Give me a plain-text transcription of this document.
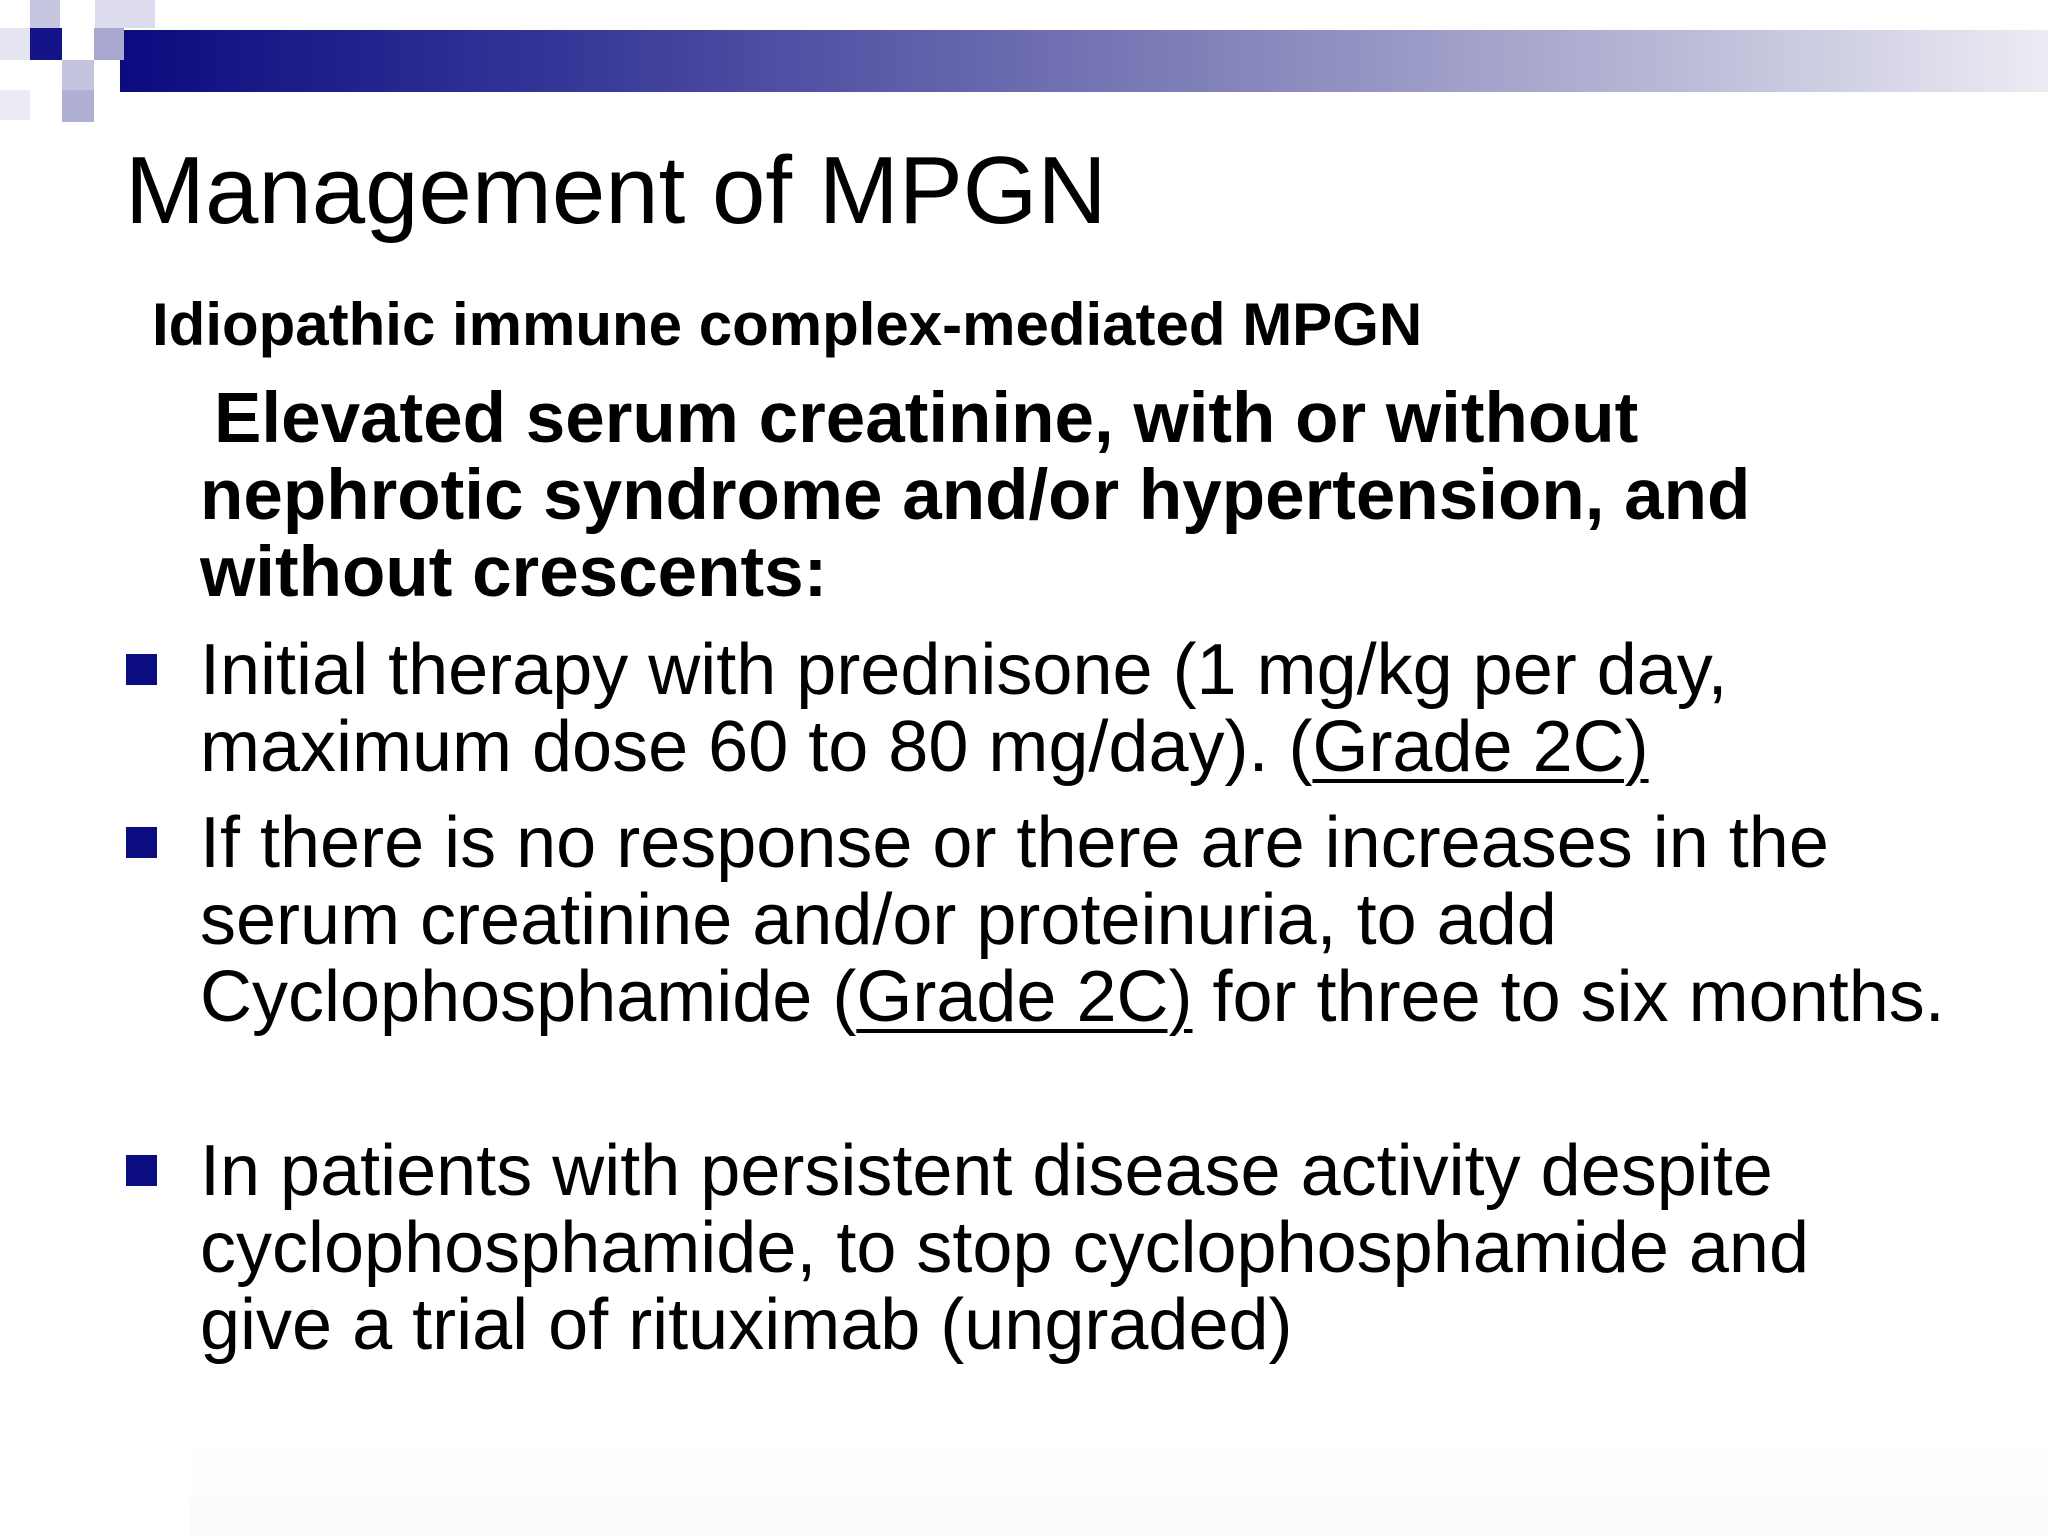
Management of MPGN
Idiopathic immune complex-mediated MPGN

Elevated serum creatinine, with or without
nephrotic syndrome and/or hypertension, and without crescents:

Initial therapy with prednisone (1 mg/kg per day, maximum dose 60 to 80 mg/day). (Grade 2C)
If there is no response or there are increases in the serum creatinine and/or proteinuria, to add Cyclophosphamide (Grade 2C) for three to six months.
In patients with persistent disease activity despite cyclophosphamide, to stop cyclophosphamide and give a trial of rituximab (ungraded)
